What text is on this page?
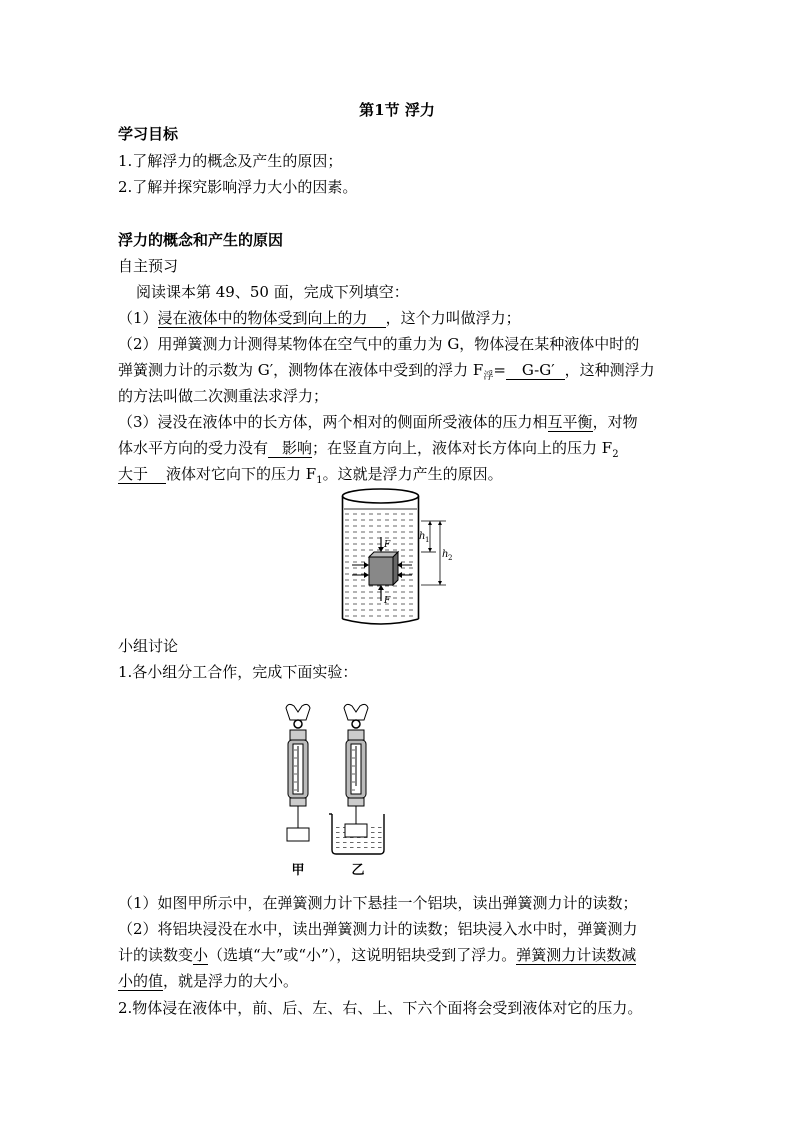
第1节 浮力
学习目标
1.了解浮力的概念及产生的原因；
2.了解并探究影响浮力大小的因素。
浮力的概念和产生的原因
自主预习
阅读课本第 49、50 面，完成下列填空：
（1）浸在液体中的物体受到向上的力 ，这个力叫做浮力；
（2）用弹簧测力计测得某物体在空气中的重力为 G，物体浸在某种液体中时的
弹簧测力计的示数为 G′，测物体在液体中受到的浮力 $F_浮= G-G'$ ，这种测浮力
的方法叫做二次测重法求浮力；
（3）浸没在液体中的长方体，两个相对的侧面所受液体的压力相互平衡，对物
体水平方向的受力没有 影响；在竖直方向上，液体对长方体向上的压力 $F_2$
大于 液体对它向下的压力 $F_1$。这就是浮力产生的原因。
h 1
h 2
F
F
小组讨论
1.各小组分工合作，完成下面实验：
甲	乙
（1）如图甲所示中，在弹簧测力计下悬挂一个铝块，读出弹簧测力计的读数；
（2）将铝块浸没在水中，读出弹簧测力计的读数；铝块浸入水中时，弹簧测力
计的读数变小（选填“大”或“小”），这说明铝块受到了浮力。弹簧测力计读数减
小的值，就是浮力的大小。
2.物体浸在液体中，前、后、左、右、上、下六个面将会受到液体对它的压力。
